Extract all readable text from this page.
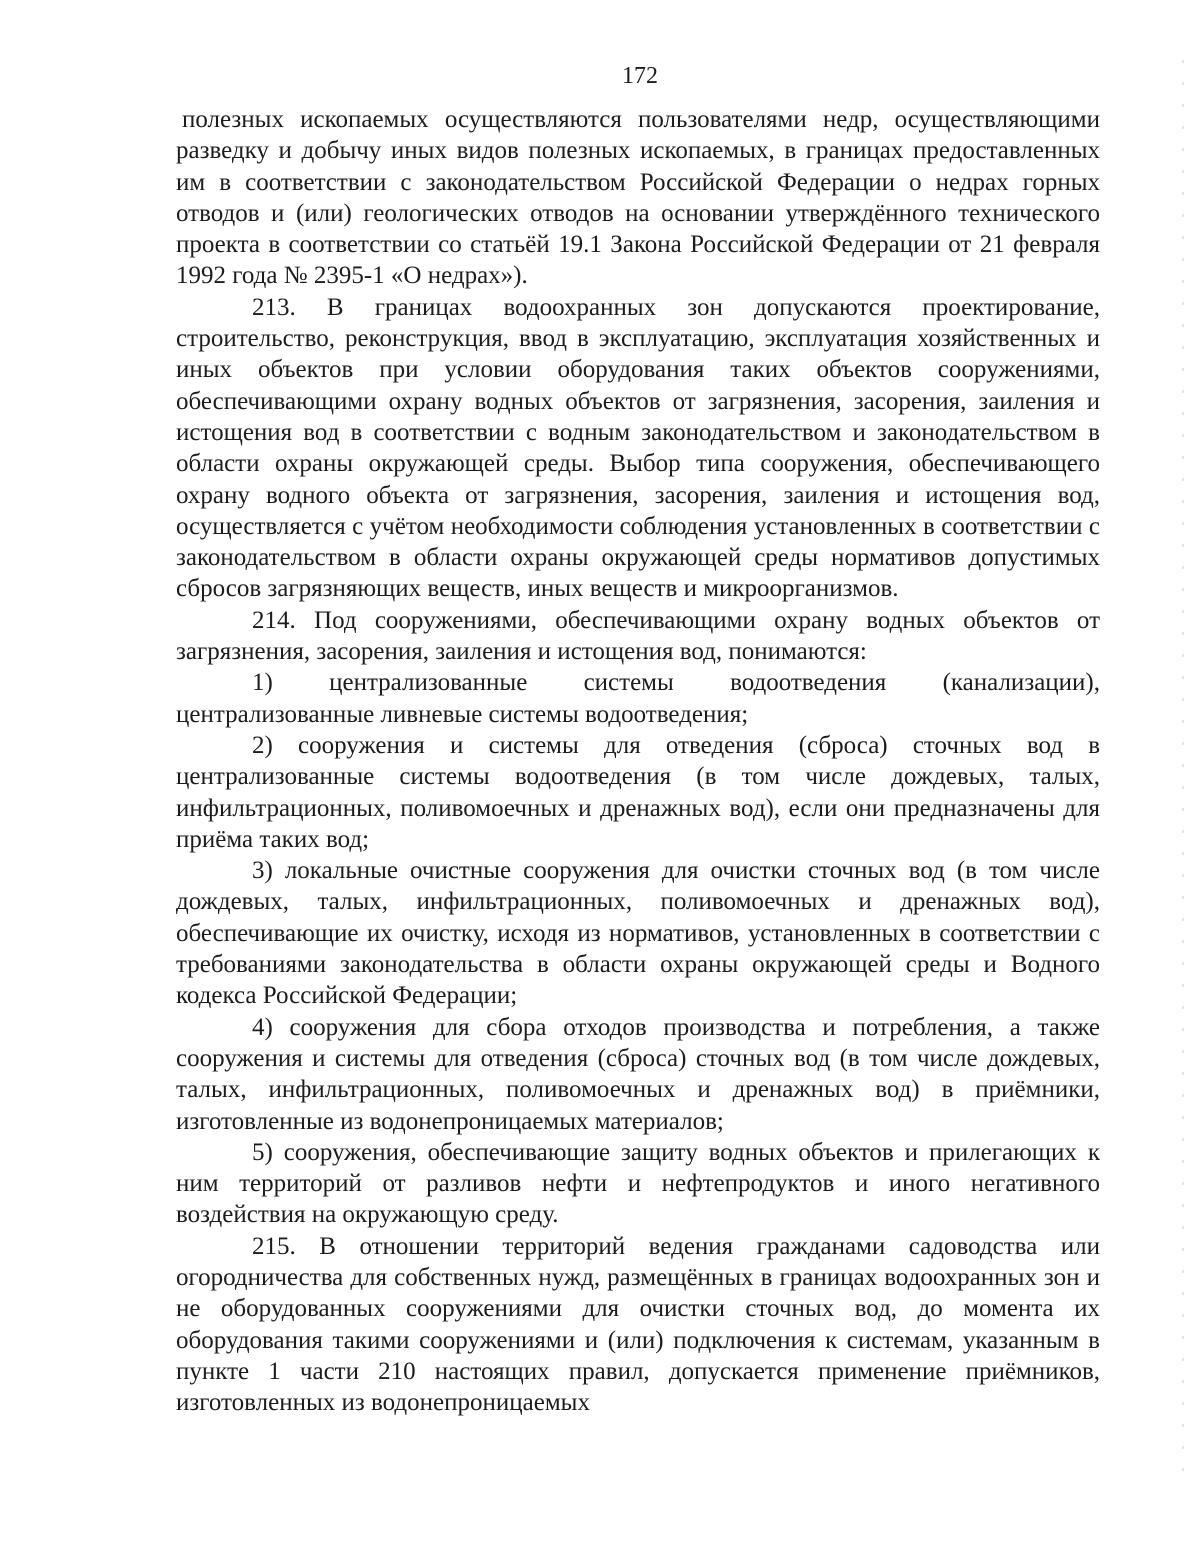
172

полезных ископаемых осуществляются пользователями недр, осуществляющими разведку и добычу иных видов полезных ископаемых, в границах предоставленных им в соответствии с законодательством Российской Федерации о недрах горных отводов и (или) геологических отводов на основании утверждённого технического проекта в соответствии со статьёй 19.1 Закона Российской Федерации от 21 февраля 1992 года № 2395-1 «О недрах»).

213. В границах водоохранных зон допускаются проектирование, строительство, реконструкция, ввод в эксплуатацию, эксплуатация хозяйственных и иных объектов при условии оборудования таких объектов сооружениями, обеспечивающими охрану водных объектов от загрязнения, засорения, заиления и истощения вод в соответствии с водным законодательством и законодательством в области охраны окружающей среды. Выбор типа сооружения, обеспечивающего охрану водного объекта от загрязнения, засорения, заиления и истощения вод, осуществляется с учётом необходимости соблюдения установленных в соответствии с законодательством в области охраны окружающей среды нормативов допустимых сбросов загрязняющих веществ, иных веществ и микроорганизмов.

214. Под сооружениями, обеспечивающими охрану водных объектов от загрязнения, засорения, заиления и истощения вод, понимаются:

1) централизованные системы водоотведения (канализации), централизованные ливневые системы водоотведения;

2) сооружения и системы для отведения (сброса) сточных вод в централизованные системы водоотведения (в том числе дождевых, талых, инфильтрационных, поливомоечных и дренажных вод), если они предназначены для приёма таких вод;

3) локальные очистные сооружения для очистки сточных вод (в том числе дождевых, талых, инфильтрационных, поливомоечных и дренажных вод), обеспечивающие их очистку, исходя из нормативов, установленных в соответствии с требованиями законодательства в области охраны окружающей среды и Водного кодекса Российской Федерации;

4) сооружения для сбора отходов производства и потребления, а также сооружения и системы для отведения (сброса) сточных вод (в том числе дождевых, талых, инфильтрационных, поливомоечных и дренажных вод) в приёмники, изготовленные из водонепроницаемых материалов;

5) сооружения, обеспечивающие защиту водных объектов и прилегающих к ним территорий от разливов нефти и нефтепродуктов и иного негативного воздействия на окружающую среду.

215. В отношении территорий ведения гражданами садоводства или огородничества для собственных нужд, размещённых в границах водоохранных зон и не оборудованных сооружениями для очистки сточных вод, до момента их оборудования такими сооружениями и (или) подключения к системам, указанным в пункте 1 части 210 настоящих правил, допускается применение приёмников, изготовленных из водонепроницаемых
